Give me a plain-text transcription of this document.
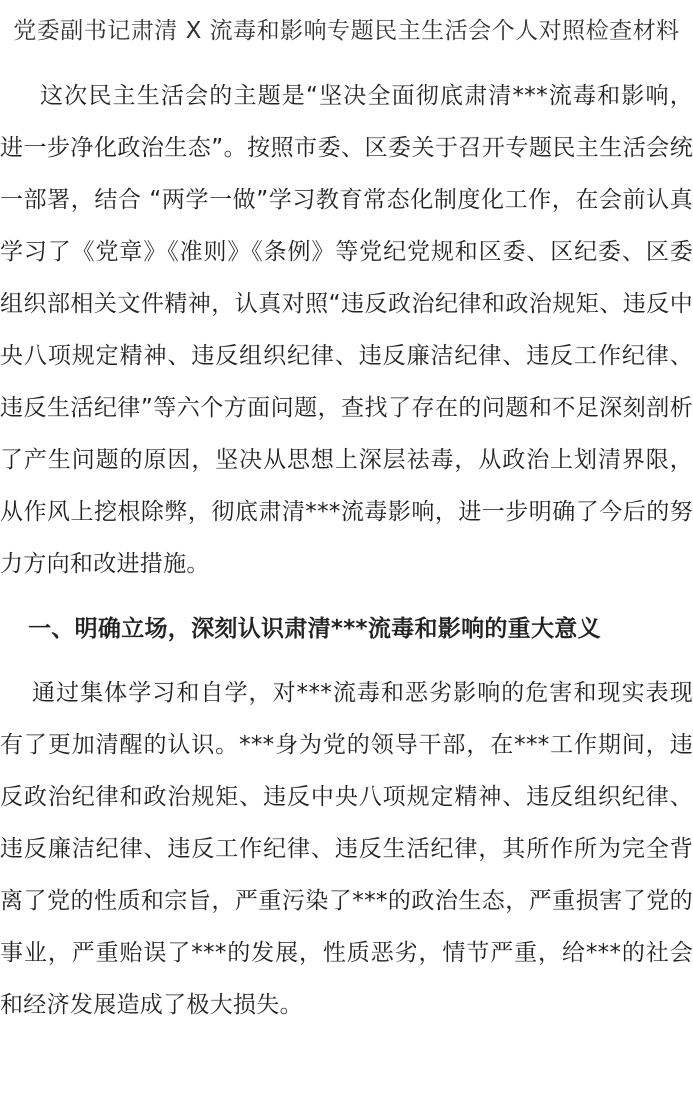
党委副书记肃清 X 流毒和影响专题民主生活会个人对照检查材料

这次民主生活会的主题是“坚决全面彻底肃清***流毒和影响，进一步净化政治生态”。按照市委、区委关于召开专题民主生活会统一部署，结合 “两学一做”学习教育常态化制度化工作，在会前认真学习了《党章》《准则》《条例》等党纪党规和区委、区纪委、区委组织部相关文件精神，认真对照“违反政治纪律和政治规矩、违反中央八项规定精神、违反组织纪律、违反廉洁纪律、违反工作纪律、违反生活纪律”等六个方面问题，查找了存在的问题和不足深刻剖析了产生问题的原因，坚决从思想上深层祛毒，从政治上划清界限，从作风上挖根除弊，彻底肃清***流毒影响，进一步明确了今后的努力方向和改进措施。

一、明确立场，深刻认识肃清***流毒和影响的重大意义

通过集体学习和自学，对***流毒和恶劣影响的危害和现实表现有了更加清醒的认识。***身为党的领导干部，在***工作期间，违反政治纪律和政治规矩、违反中央八项规定精神、违反组织纪律、违反廉洁纪律、违反工作纪律、违反生活纪律，其所作所为完全背离了党的性质和宗旨，严重污染了***的政治生态，严重损害了党的事业，严重贻误了***的发展，性质恶劣，情节严重，给***的社会和经济发展造成了极大损失。
